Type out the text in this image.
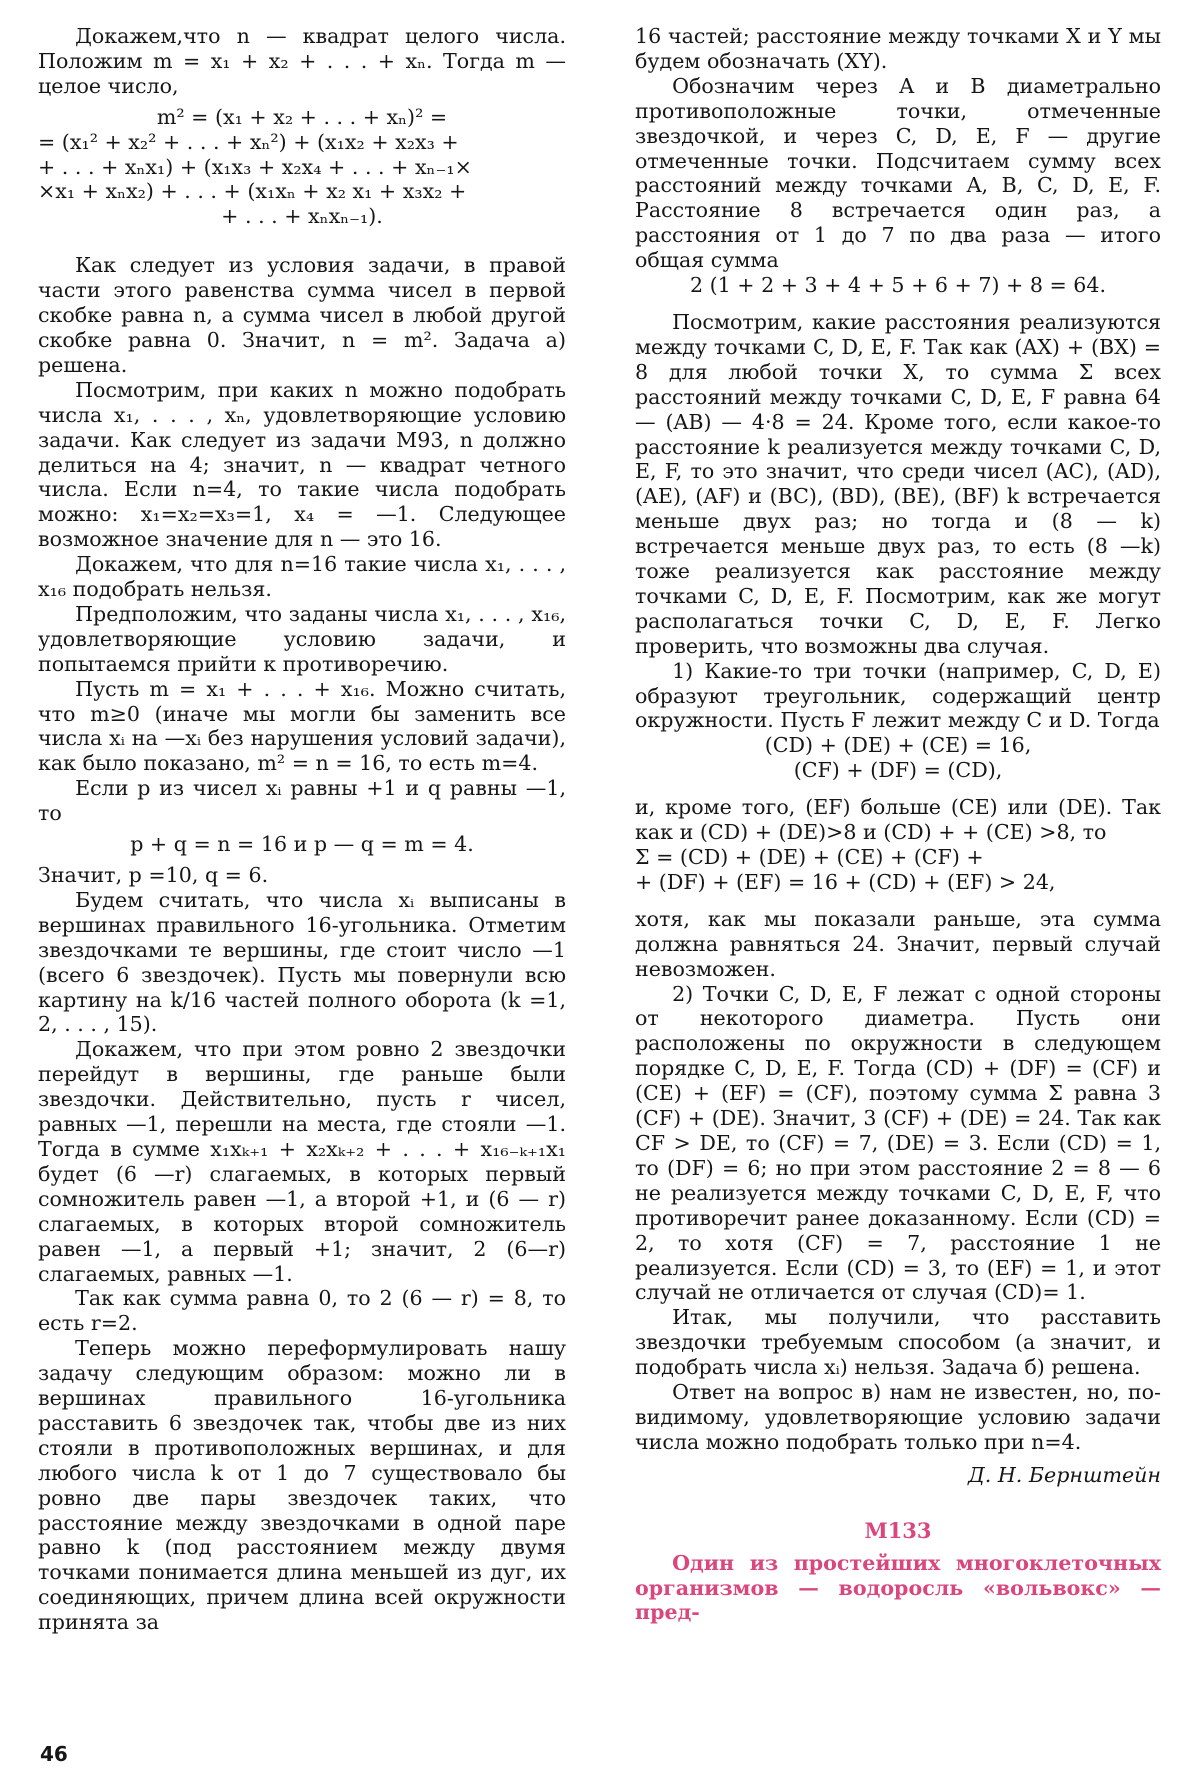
Докажем,что n — квадрат целого числа. Положим m = x₁ + x₂ + . . . + xₙ. Тогда m —целое число,

m² = (x₁ + x₂ + . . . + xₙ)² =
= (x₁² + x₂² + . . . + xₙ²) + (x₁x₂ + x₂x₃ +
+ . . . + xₙx₁) + (x₁x₃ + x₂x₄ + . . . + xₙ₋₁×
×x₁ + xₙx₂) + . . . + (x₁xₙ + x₂ x₁ + x₃x₂ +
+ . . . + xₙxₙ₋₁).

Как следует из условия задачи, в правой части этого равенства сумма чисел в первой скобке равна n, а сумма чисел в любой другой скобке равна 0. Значит, n = m². Задача а) решена.

Посмотрим, при каких n можно подобрать числа x₁, . . . , xₙ, удовлетворяющие условию задачи. Как следует из задачи М93, n должно делиться на 4; значит, n — квадрат четного числа. Если n=4, то такие числа подобрать можно: x₁=x₂=x₃=1, x₄ = —1. Следующее возможное значение для n — это 16.

Докажем, что для n=16 такие числа x₁, . . . , x₁₆ подобрать нельзя.

Предположим, что заданы числа x₁, . . . , x₁₆, удовлетворяющие условию задачи, и попытаемся прийти к противоречию.

Пусть m = x₁ + . . . + x₁₆. Можно считать, что m≥0 (иначе мы могли бы заменить все числа xᵢ на —xᵢ без нарушения условий задачи), как было показано, m² = n = 16, то есть m=4.

Если p из чисел xᵢ равны +1 и q равны —1, то

p + q = n = 16 и p — q = m = 4.

Значит, p =10, q = 6.

Будем считать, что числа xᵢ выписаны в вершинах правильного 16-угольника. Отметим звездочками те вершины, где стоит число —1 (всего 6 звездочек). Пусть мы повернули всю картину на k/16 частей полного оборота (k =1, 2, . . . , 15).

Докажем, что при этом ровно 2 звездочки перейдут в вершины, где раньше были звездочки. Действительно, пусть r чисел, равных —1, перешли на места, где стояли —1. Тогда в сумме x₁xₖ₊₁ + x₂xₖ₊₂ + . . . + x₁₆₋ₖ₊₁x₁ будет (6 —r) слагаемых, в которых первый сомножитель равен —1, а второй +1, и (6 — r) слагаемых, в которых второй сомножитель равен —1, а первый +1; значит, 2 (6—r) слагаемых, равных —1.

Так как сумма равна 0, то 2 (6 — r) = 8, то есть r=2.

Теперь можно переформулировать нашу задачу следующим образом: можно ли в вершинах правильного 16-угольника расставить 6 звездочек так, чтобы две из них стояли в противоположных вершинах, и для любого числа k от 1 до 7 существовало бы ровно две пары звездочек таких, что расстояние между звездочками в одной паре равно k (под расстоянием между двумя точками понимается длина меньшей из дуг, их соединяющих, причем длина всей окружности принята за

16 частей; расстояние между точками X и Y мы будем обозначать (XY).

Обозначим через A и B диаметрально противоположные точки, отмеченные звездочкой, и через C, D, E, F — другие отмеченные точки. Подсчитаем сумму всех расстояний между точками A, B, C, D, E, F. Расстояние 8 встречается один раз, а расстояния от 1 до 7 по два раза — итого общая сумма

2 (1 + 2 + 3 + 4 + 5 + 6 + 7) + 8 = 64.

Посмотрим, какие расстояния реализуются между точками C, D, E, F. Так как (AX) + (BX) = 8 для любой точки X, то сумма Σ всех расстояний между точками C, D, E, F равна 64 — (AB) — 4·8 = 24. Кроме того, если какое-то расстояние k реализуется между точками C, D, E, F, то это значит, что среди чисел (AC), (AD), (AE), (AF) и (BC), (BD), (BE), (BF) k встречается меньше двух раз; но тогда и (8 — k) встречается меньше двух раз, то есть (8 —k) тоже реализуется как расстояние между точками C, D, E, F. Посмотрим, как же могут располагаться точки C, D, E, F. Легко проверить, что возможны два случая.

1) Какие-то три точки (например, C, D, E) образуют треугольник, содержащий центр окружности. Пусть F лежит между C и D. Тогда

(CD) + (DE) + (CE) = 16,
(CF) + (DF) = (CD),

и, кроме того, (EF) больше (CE) или (DE). Так как и (CD) + (DE)>8 и (CD) + + (CE) >8, то

Σ = (CD) + (DE) + (CE) + (CF) +
+ (DF) + (EF) = 16 + (CD) + (EF) > 24,

хотя, как мы показали раньше, эта сумма должна равняться 24. Значит, первый случай невозможен.

2) Точки C, D, E, F лежат с одной стороны от некоторого диаметра. Пусть они расположены по окружности в следующем порядке C, D, E, F. Тогда (CD) + (DF) = (CF) и (CE) + (EF) = (CF), поэтому сумма Σ равна 3 (CF) + (DE). Значит, 3 (CF) + (DE) = 24. Так как CF > DE, то (CF) = 7, (DE) = 3. Если (CD) = 1, то (DF) = 6; но при этом расстояние 2 = 8 — 6 не реализуется между точками C, D, E, F, что противоречит ранее доказанному. Если (CD) = 2, то хотя (CF) = 7, расстояние 1 не реализуется. Если (CD) = 3, то (EF) = 1, и этот случай не отличается от случая (CD)= 1.

Итак, мы получили, что расставить звездочки требуемым способом (а значит, и подобрать числа xᵢ) нельзя. Задача б) решена.

Ответ на вопрос в) нам не известен, но, по-видимому, удовлетворяющие условию задачи числа можно подобрать только при n=4.

Д. Н. Бернштейн
М133

Один из простейших многоклеточных организмов — водоросль «вольвокс» — пред-

46
